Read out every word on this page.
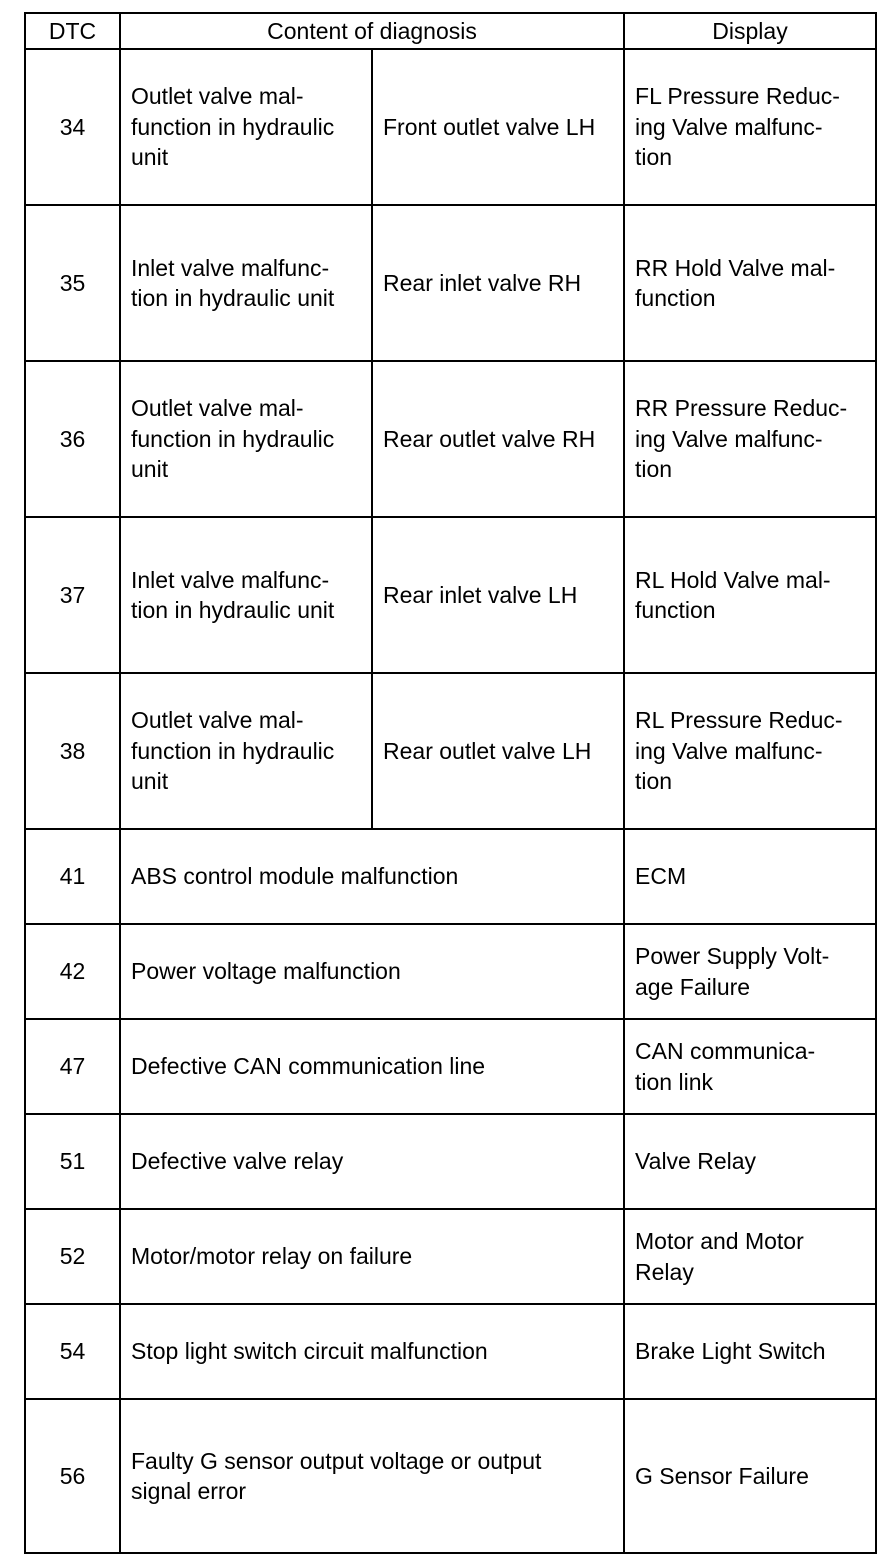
DTC	Content of diagnosis		Display
34	Outlet valve mal-
function in hydraulic
unit	Front outlet valve LH	FL Pressure Reduc-
ing Valve malfunc-
tion

35	Inlet valve malfunc-
tion in hydraulic unit	Rear inlet valve RH	RR Hold Valve mal-
function

36	Outlet valve mal-
function in hydraulic
unit	Rear outlet valve RH	RR Pressure Reduc-
ing Valve malfunc-
tion

37	Inlet valve malfunc-
tion in hydraulic unit	Rear inlet valve LH	RL Hold Valve mal-
function

38	Outlet valve mal-
function in hydraulic
unit	Rear outlet valve LH	RL Pressure Reduc-
ing Valve malfunc-
tion

41	ABS control module malfunction		ECM

42	Power voltage malfunction		Power Supply Volt-
age Failure

47	Defective CAN communication line		CAN communica-
tion link

51	Defective valve relay		Valve Relay

52	Motor/motor relay on failure		Motor and Motor
Relay

54	Stop light switch circuit malfunction		Brake Light Switch

56	Faulty G sensor output voltage or output
signal error		G Sensor Failure
